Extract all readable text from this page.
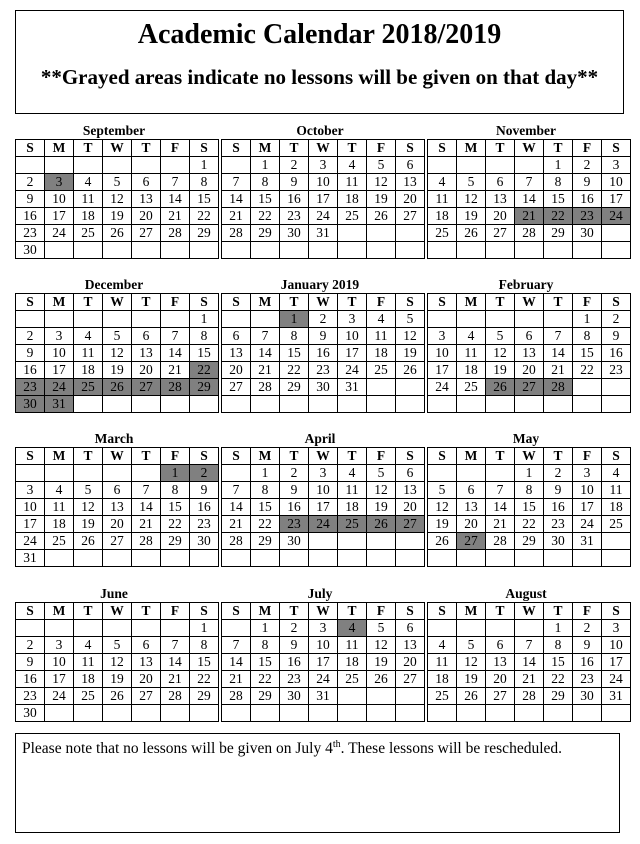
Academic Calendar 2018/2019
**Grayed areas indicate no lessons will be given on that day**
September
S	M	T	W	T	F	S
						1
2	3	4	5	6	7	8
9	10	11	12	13	14	15
16	17	18	19	20	21	22
23	24	25	26	27	28	29
30						
October
S	M	T	W	T	F	S
	1	2	3	4	5	6
7	8	9	10	11	12	13
14	15	16	17	18	19	20
21	22	23	24	25	26	27
28	29	30	31			

November
S	M	T	W	T	F	S
				1	2	3
4	5	6	7	8	9	10
11	12	13	14	15	16	17
18	19	20	21	22	23	24
25	26	27	28	29	30	

December
S	M	T	W	T	F	S
						1
2	3	4	5	6	7	8
9	10	11	12	13	14	15
16	17	18	19	20	21	22
23	24	25	26	27	28	29
30	31					
January 2019
S	M	T	W	T	F	S
		1	2	3	4	5
6	7	8	9	10	11	12
13	14	15	16	17	18	19
20	21	22	23	24	25	26
27	28	29	30	31		

February
S	M	T	W	T	F	S
					1	2
3	4	5	6	7	8	9
10	11	12	13	14	15	16
17	18	19	20	21	22	23
24	25	26	27	28		

March
S	M	T	W	T	F	S
					1	2
3	4	5	6	7	8	9
10	11	12	13	14	15	16
17	18	19	20	21	22	23
24	25	26	27	28	29	30
31						
April
S	M	T	W	T	F	S
	1	2	3	4	5	6
7	8	9	10	11	12	13
14	15	16	17	18	19	20
21	22	23	24	25	26	27
28	29	30				

May
S	M	T	W	T	F	S
			1	2	3	4
5	6	7	8	9	10	11
12	13	14	15	16	17	18
19	20	21	22	23	24	25
26	27	28	29	30	31	

June
S	M	T	W	T	F	S
						1
2	3	4	5	6	7	8
9	10	11	12	13	14	15
16	17	18	19	20	21	22
23	24	25	26	27	28	29
30						
July
S	M	T	W	T	F	S
	1	2	3	4	5	6
7	8	9	10	11	12	13
14	15	16	17	18	19	20
21	22	23	24	25	26	27
28	29	30	31			

August
S	M	T	W	T	F	S
				1	2	3
4	5	6	7	8	9	10
11	12	13	14	15	16	17
18	19	20	21	22	23	24
25	26	27	28	29	30	31

Please note that no lessons will be given on July 4th. These lessons will be rescheduled.
